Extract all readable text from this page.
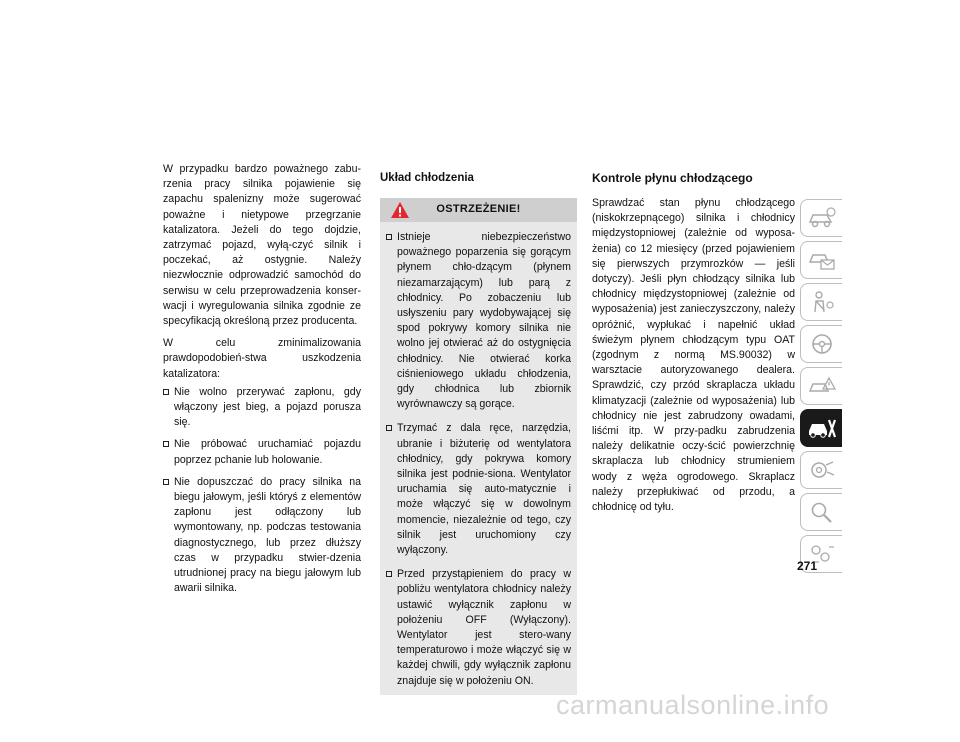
W przypadku bardzo poważnego zabu-rzenia pracy silnika pojawienie się zapachu spalenizny może sugerować poważne i nietypowe przegrzanie katalizatora. Jeżeli do tego dojdzie, zatrzymać pojazd, wyłą-czyć silnik i poczekać, aż ostygnie. Należy niezwłocznie odprowadzić samochód do serwisu w celu przeprowadzenia konser-wacji i wyregulowania silnika zgodnie ze specyfikacją określoną przez producenta.

W celu zminimalizowania prawdopodobień-stwa uszkodzenia katalizatora:

Nie wolno przerywać zapłonu, gdy włączony jest bieg, a pojazd porusza się.
Nie próbować uruchamiać pojazdu poprzez pchanie lub holowanie.
Nie dopuszczać do pracy silnika na biegu jałowym, jeśli któryś z elementów zapłonu jest odłączony lub wymontowany, np. podczas testowania diagnostycznego, lub przez dłuższy czas w przypadku stwier-dzenia utrudnionej pracy na biegu jałowym lub awarii silnika.
Układ chłodzenia
OSTRZEŻENIE!
Istnieje niebezpieczeństwo poważnego poparzenia się gorącym płynem chło-dzącym (płynem niezamarzającym) lub parą z chłodnicy. Po zobaczeniu lub usłyszeniu pary wydobywającej się spod pokrywy komory silnika nie wolno jej otwierać aż do ostygnięcia chłodnicy. Nie otwierać korka ciśnieniowego układu chłodzenia, gdy chłodnica lub zbiornik wyrównawczy są gorące.
Trzymać z dala ręce, narzędzia, ubranie i biżuterię od wentylatora chłodnicy, gdy pokrywa komory silnika jest podnie-siona. Wentylator uruchamia się auto-matycznie i może włączyć się w dowolnym momencie, niezależnie od tego, czy silnik jest uruchomiony czy wyłączony.
Przed przystąpieniem do pracy w pobliżu wentylatora chłodnicy należy ustawić wyłącznik zapłonu w położeniu OFF (Wyłączony). Wentylator jest stero-wany temperaturowo i może włączyć się w każdej chwili, gdy wyłącznik zapłonu znajduje się w położeniu ON.
Kontrole płynu chłodzącego

Sprawdzać stan płynu chłodzącego (niskokrzepnącego) silnika i chłodnicy międzystopniowej (zależnie od wyposa-żenia) co 12 miesięcy (przed pojawieniem się pierwszych przymrozków — jeśli dotyczy). Jeśli płyn chłodzący silnika lub chłodnicy międzystopniowej (zależnie od wyposażenia) jest zanieczyszczony, należy opróżnić, wypłukać i napełnić układ świeżym płynem chłodzącym typu OAT (zgodnym z normą MS.90032) w warsztacie autoryzowanego dealera. Sprawdzić, czy przód skraplacza układu klimatyzacji (zależnie od wyposażenia) lub chłodnicy nie jest zabrudzony owadami, liśćmi itp. W przy-padku zabrudzenia należy delikatnie oczy-ścić powierzchnię skraplacza lub chłodnicy strumieniem wody z węża ogrodowego. Skraplacz należy przepłukiwać od przodu, a chłodnicę od tyłu.

271
carmanualsonline.info
